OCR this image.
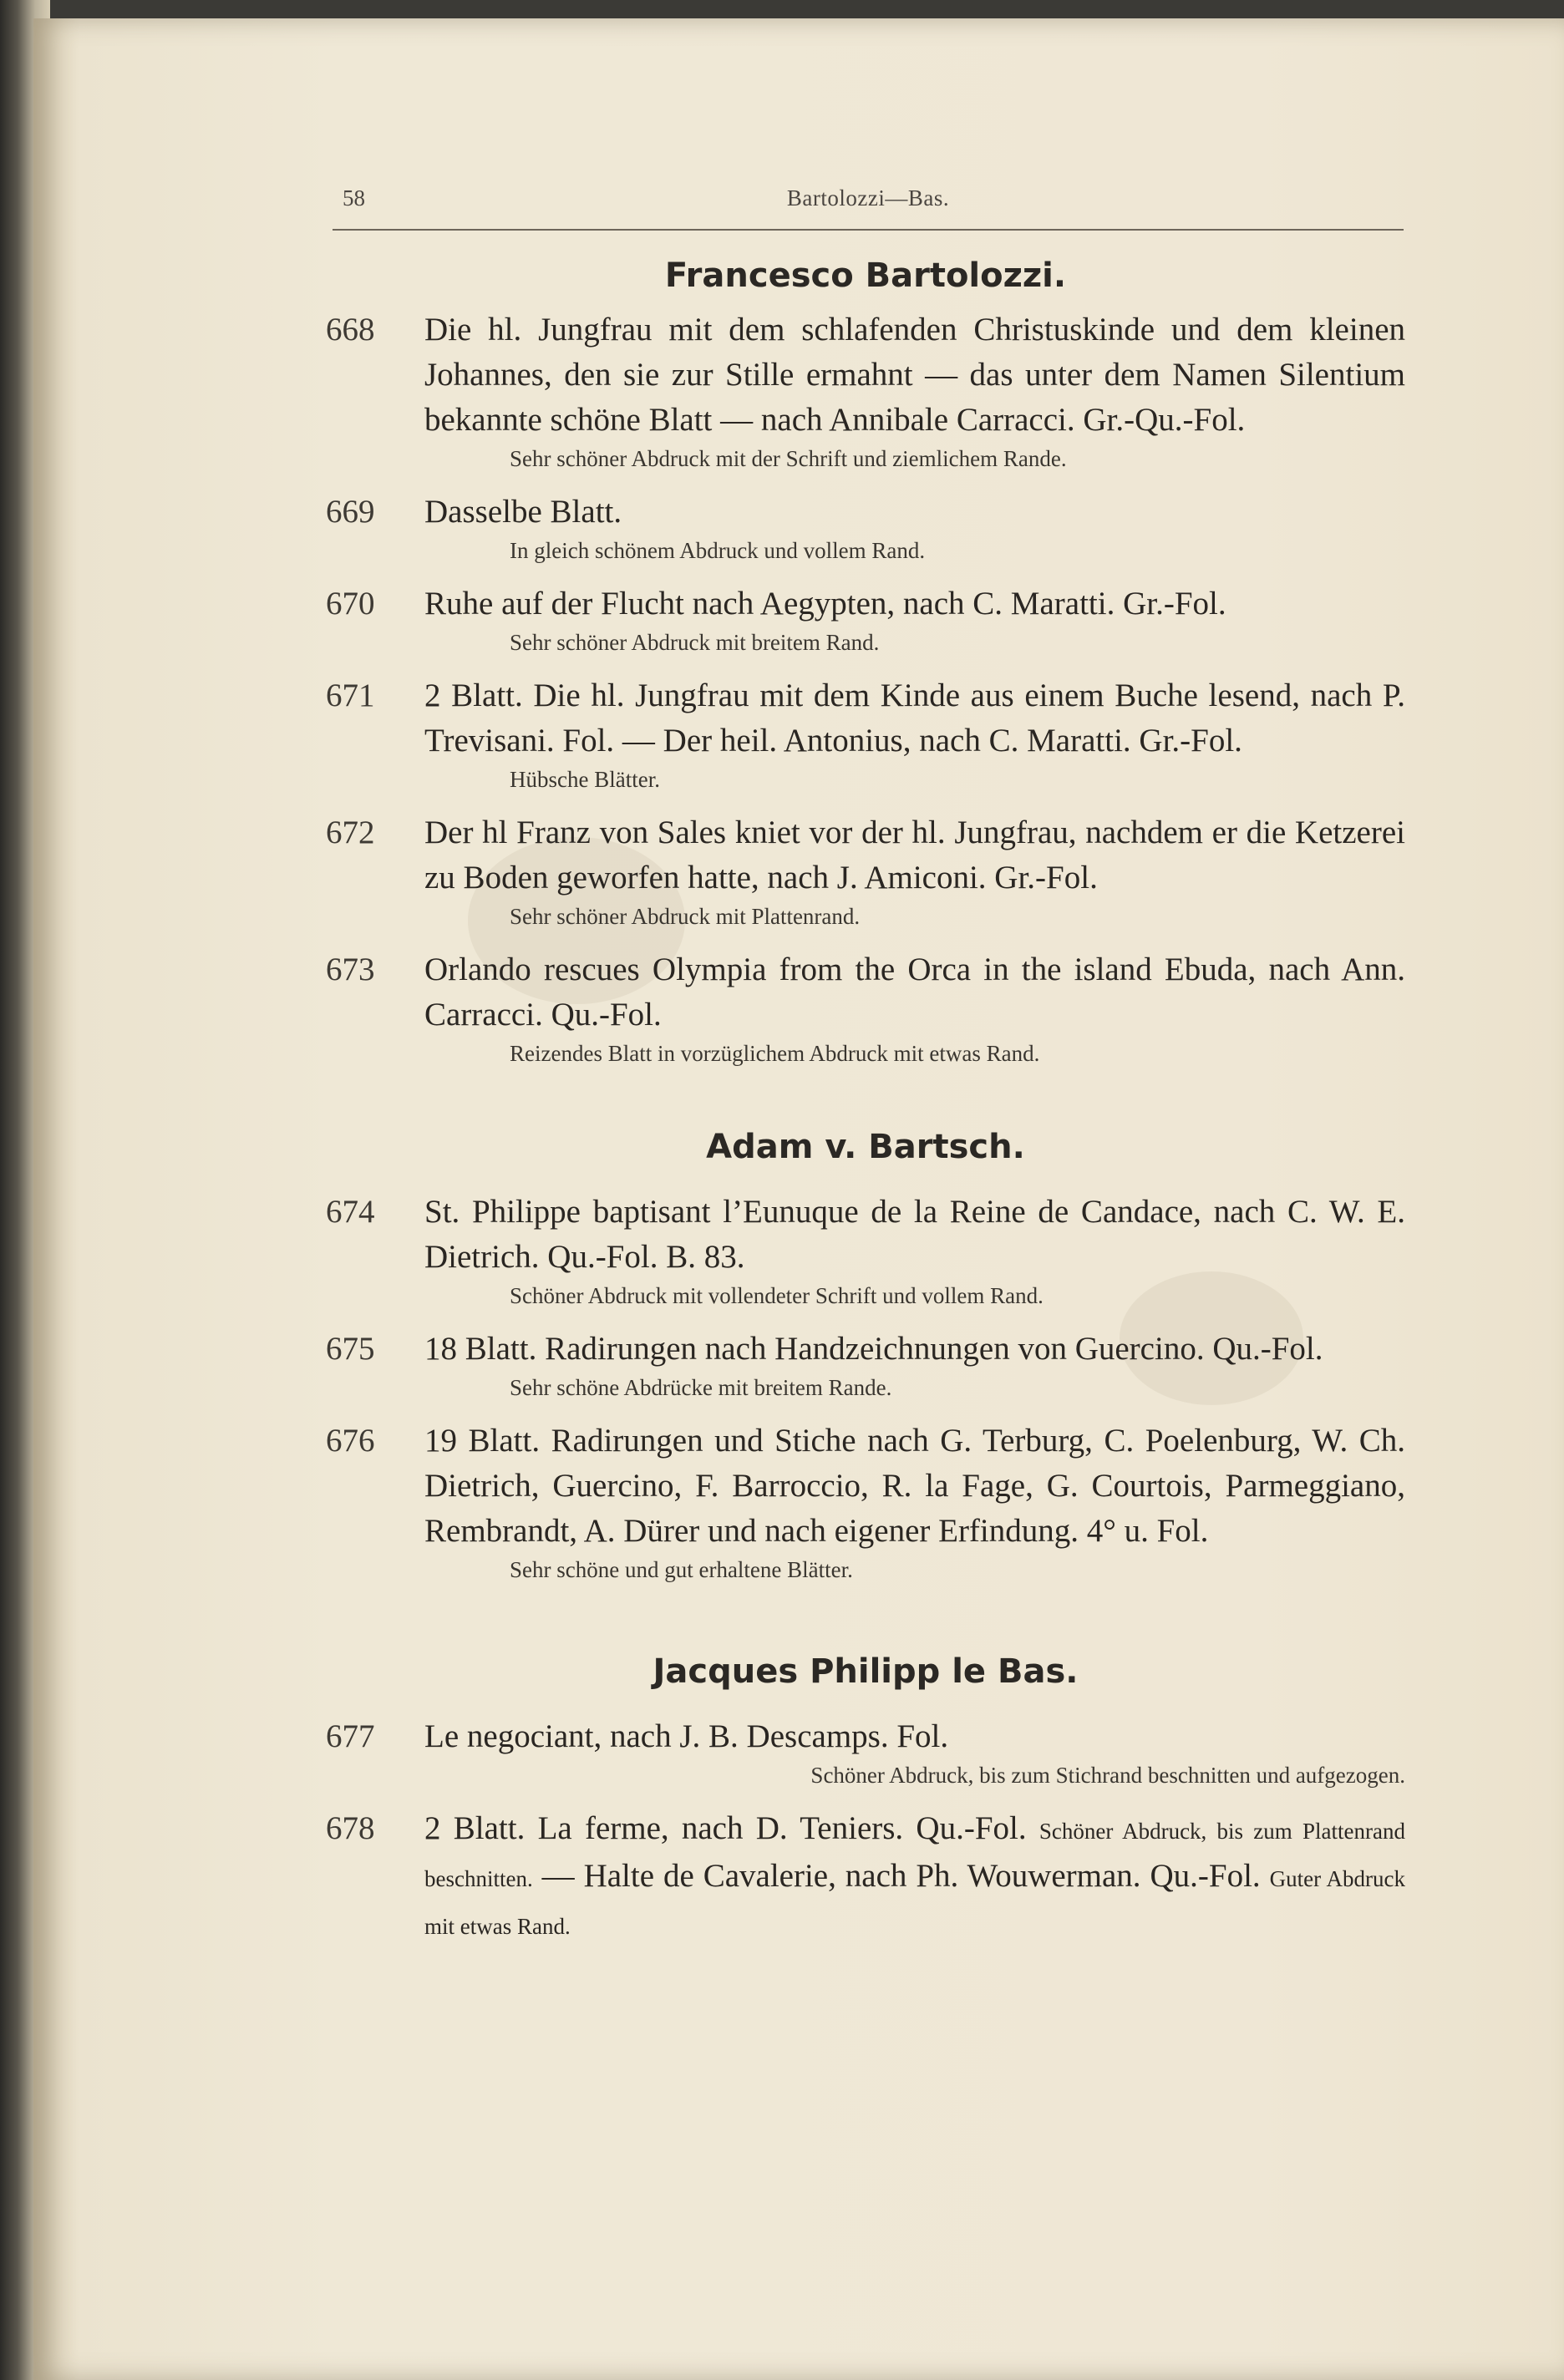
58	Bartolozzi—Bas.
Francesco Bartolozzi.
668	Die hl. Jungfrau mit dem schlafenden Christuskinde und dem kleinen Johannes, den sie zur Stille ermahnt — das unter dem Namen Silentium bekannte schöne Blatt — nach Annibale Carracci. Gr.-Qu.-Fol.
Sehr schöner Abdruck mit der Schrift und ziemlichem Rande.
669	Dasselbe Blatt.
In gleich schönem Abdruck und vollem Rand.
670	Ruhe auf der Flucht nach Aegypten, nach C. Maratti. Gr.-Fol.
Sehr schöner Abdruck mit breitem Rand.
671	2 Blatt. Die hl. Jungfrau mit dem Kinde aus einem Buche lesend, nach P. Trevisani. Fol. — Der heil. Antonius, nach C. Maratti. Gr.-Fol.
Hübsche Blätter.
672	Der hl Franz von Sales kniet vor der hl. Jungfrau, nachdem er die Ketzerei zu Boden geworfen hatte, nach J. Amiconi. Gr.-Fol.
Sehr schöner Abdruck mit Plattenrand.
673	Orlando rescues Olympia from the Orca in the island Ebuda, nach Ann. Carracci. Qu.-Fol.
Reizendes Blatt in vorzüglichem Abdruck mit etwas Rand.
Adam v. Bartsch.
674	St. Philippe baptisant l’Eunuque de la Reine de Candace, nach C. W. E. Dietrich. Qu.-Fol. B. 83.
Schöner Abdruck mit vollendeter Schrift und vollem Rand.
675	18 Blatt. Radirungen nach Handzeichnungen von Guercino. Qu.-Fol.
Sehr schöne Abdrücke mit breitem Rande.
676	19 Blatt. Radirungen und Stiche nach G. Terburg, C. Poelenburg, W. Ch. Dietrich, Guercino, F. Barroccio, R. la Fage, G. Courtois, Parmeggiano, Rembrandt, A. Dürer und nach eigener Erfindung. 4° u. Fol.
Sehr schöne und gut erhaltene Blätter.
Jacques Philipp le Bas.
677	Le negociant, nach J. B. Descamps. Fol.
Schöner Abdruck, bis zum Stichrand beschnitten und aufgezogen.
678	2 Blatt. La ferme, nach D. Teniers. Qu.-Fol. Schöner Abdruck, bis zum Plattenrand beschnitten. — Halte de Cavalerie, nach Ph. Wouwerman. Qu.-Fol. Guter Abdruck mit etwas Rand.
